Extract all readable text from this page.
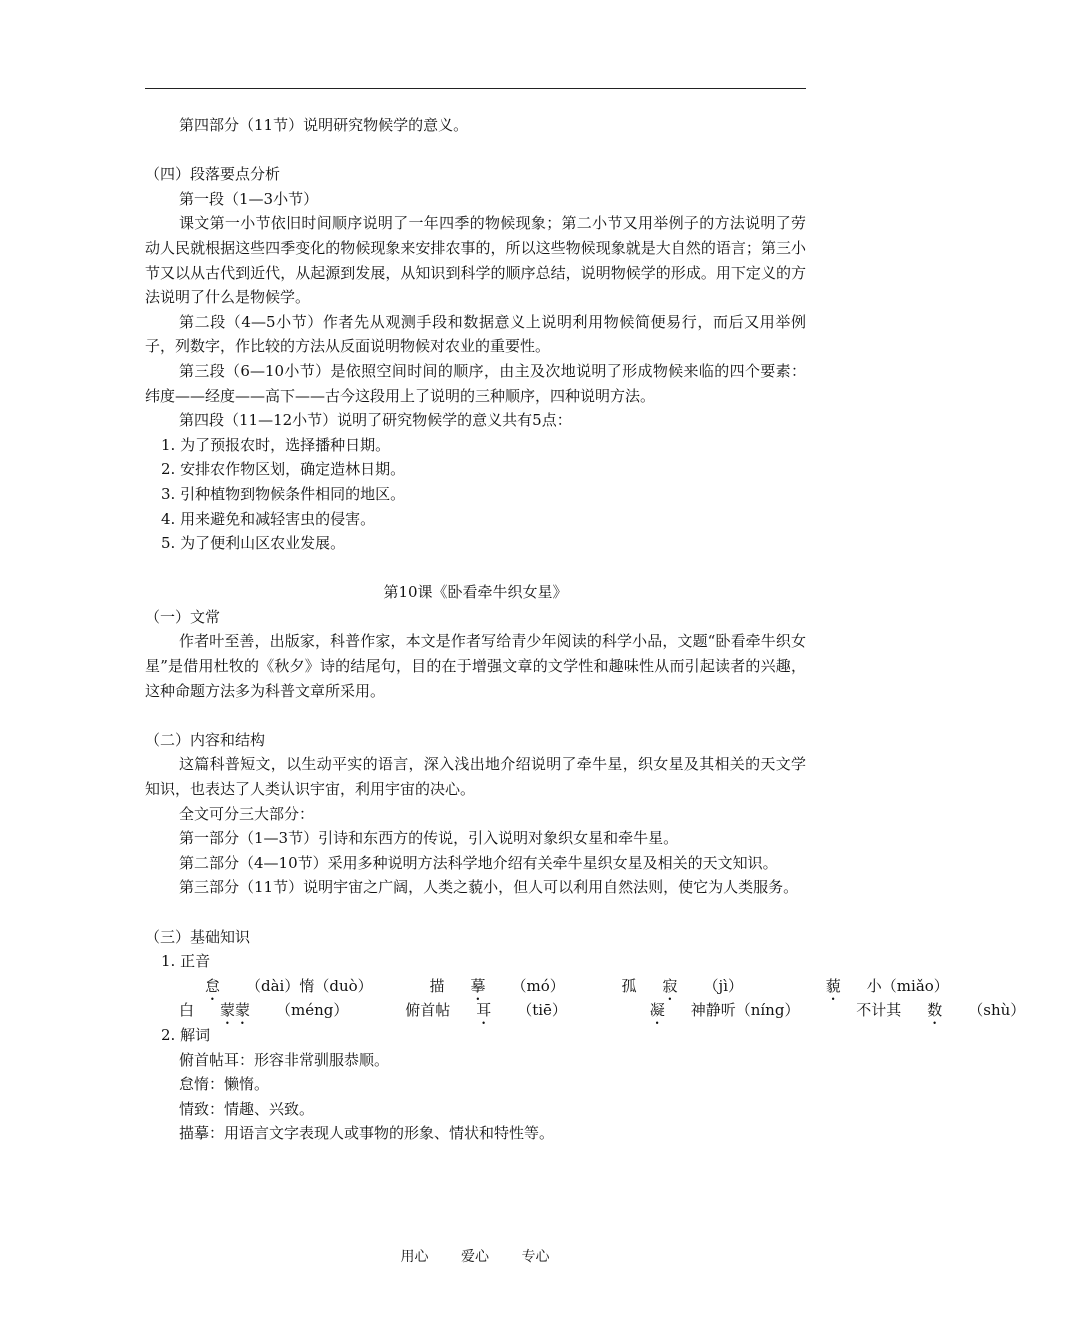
第四部分（11节）说明研究物候学的意义。
（四）段落要点分析
第一段（1—3小节）
课文第一小节依旧时间顺序说明了一年四季的物候现象；第二小节又用举例子的方法说明了劳动人民就根据这些四季变化的物候现象来安排农事的，所以这些物候现象就是大自然的语言；第三小节又以从古代到近代，从起源到发展，从知识到科学的顺序总结，说明物候学的形成。用下定义的方法说明了什么是物候学。
第二段（4—5小节）作者先从观测手段和数据意义上说明利用物候简便易行，而后又用举例子，列数字，作比较的方法从反面说明物候对农业的重要性。
第三段（6—10小节）是依照空间时间的顺序，由主及次地说明了形成物候来临的四个要素：纬度——经度——高下——古今这段用上了说明的三种顺序，四种说明方法。
第四段（11—12小节）说明了研究物候学的意义共有5点：
1. 为了预报农时，选择播种日期。
2. 安排农作物区划，确定造林日期。
3. 引种植物到物候条件相同的地区。
4. 用来避免和减轻害虫的侵害。
5. 为了便利山区农业发展。
第10课《卧看牵牛织女星》
（一）文常
作者叶至善，出版家，科普作家，本文是作者写给青少年阅读的科学小品，文题“卧看牵牛织女星”是借用杜牧的《秋夕》诗的结尾句，目的在于增强文章的文学性和趣味性从而引起读者的兴趣，这种命题方法多为科普文章所采用。
（二）内容和结构
这篇科普短文，以生动平实的语言，深入浅出地介绍说明了牵牛星，织女星及其相关的天文学知识，也表达了人类认识宇宙，利用宇宙的决心。
全文可分三大部分：
第一部分（1—3节）引诗和东西方的传说，引入说明对象织女星和牵牛星。
第二部分（4—10节）采用多种说明方法科学地介绍有关牵牛星织女星及相关的天文知识。
第三部分（11节）说明宇宙之广阔，人类之藐小，但人可以利用自然法则，使它为人类服务。
（三）基础知识
1. 正音
怠 （dài）惰（duò）	描 摹 （mó）	孤 寂 （jì）	藐 小（miǎo）
白 蒙蒙 （méng）	俯首帖 耳 （tiē）	凝 神静听（níng）	不计其 数 （shù）
2. 解词
俯首帖耳：形容非常驯服恭顺。
怠惰：懒惰。
情致：情趣、兴致。
描摹：用语言文字表现人或事物的形象、情状和特性等。
用心 爱心 专心
